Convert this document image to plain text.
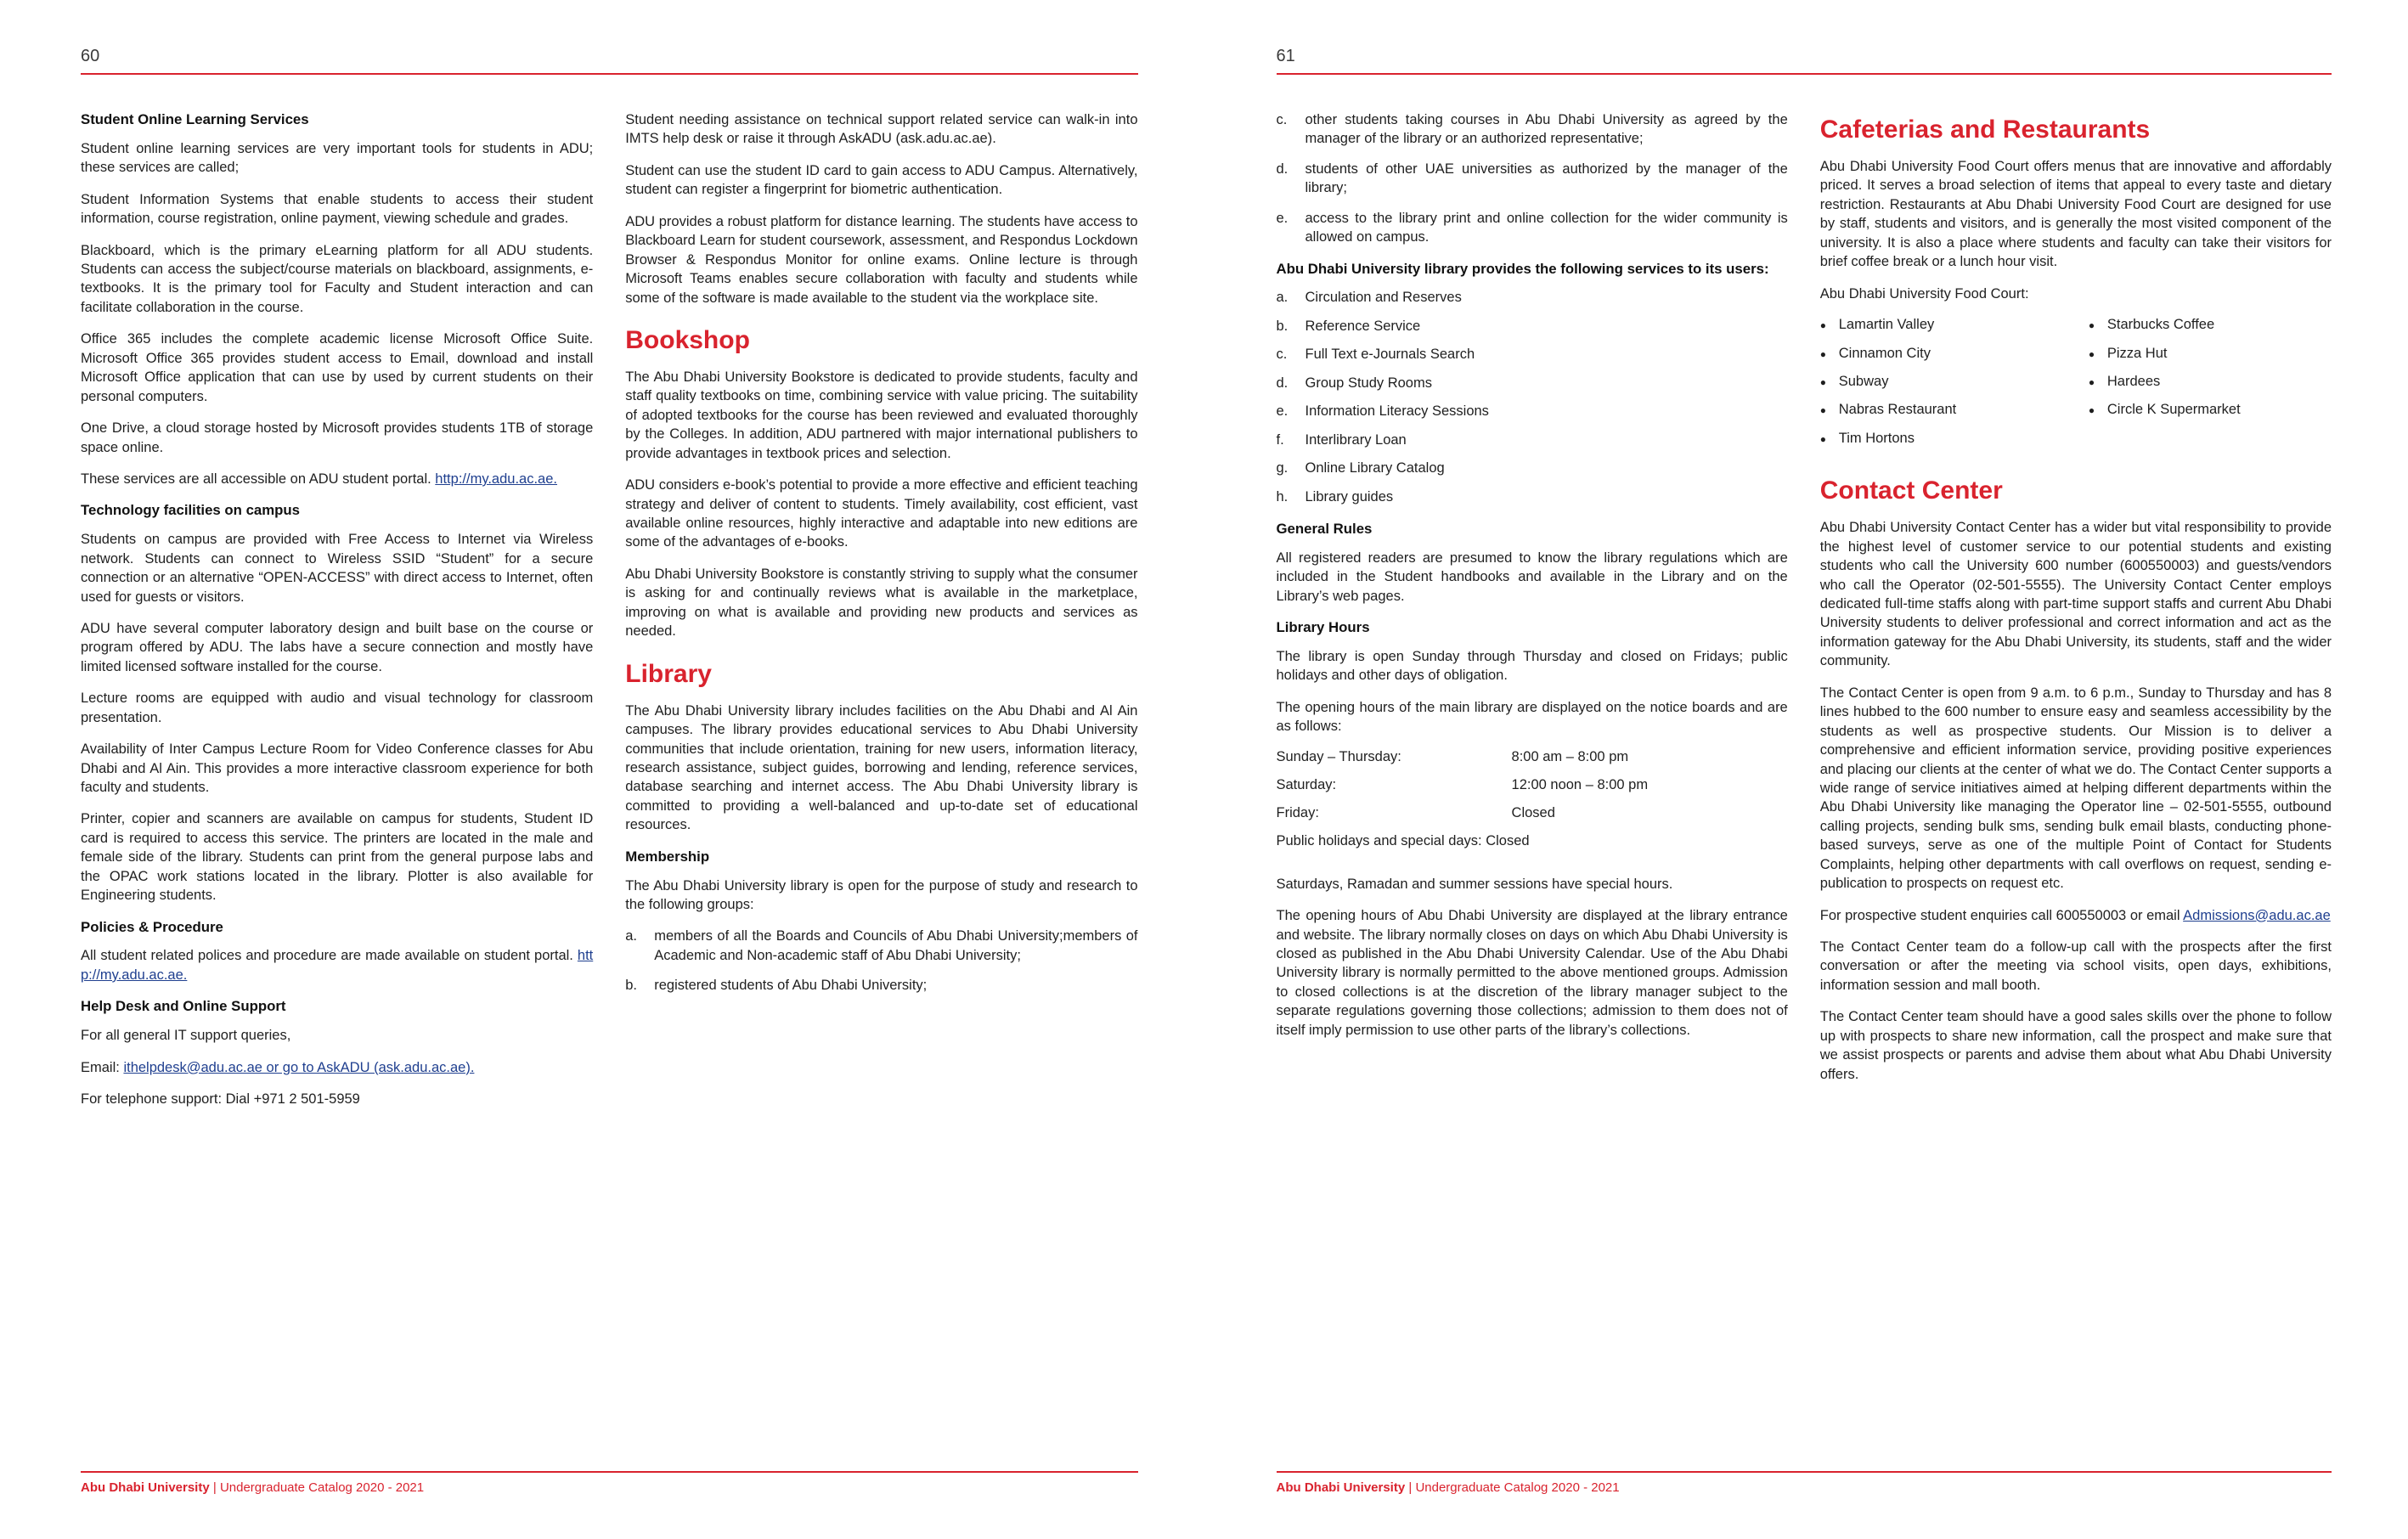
60
Student Online Learning Services

Student online learning services are very important tools for students in ADU; these services are called;

Student Information Systems that enable students to access their student information, course registration, online payment, viewing schedule and grades.

Blackboard, which is the primary eLearning platform for all ADU students. Students can access the subject/course materials on blackboard, assignments, e-textbooks. It is the primary tool for Faculty and Student interaction and can facilitate collaboration in the course.

Office 365 includes the complete academic license Microsoft Office Suite. Microsoft Office 365 provides student access to Email, download and install Microsoft Office application that can use by used by current students on their personal computers.

One Drive, a cloud storage hosted by Microsoft provides students 1TB of storage space online.

These services are all accessible on ADU student portal. http://my.adu.ac.ae.

Technology facilities on campus

Students on campus are provided with Free Access to Internet via Wireless network. Students can connect to Wireless SSID “Student” for a secure connection or an alternative “OPEN-ACCESS” with direct access to Internet, often used for guests or visitors.

ADU have several computer laboratory design and built base on the course or program offered by ADU. The labs have a secure connection and mostly have limited licensed software installed for the course.

Lecture rooms are equipped with audio and visual technology for classroom presentation.

Availability of Inter Campus Lecture Room for Video Conference classes for Abu Dhabi and Al Ain. This provides a more interactive classroom experience for both faculty and students.

Printer, copier and scanners are available on campus for students, Student ID card is required to access this service. The printers are located in the male and female side of the library. Students can print from the general purpose labs and the OPAC work stations located in the library. Plotter is also available for Engineering students.

Policies & Procedure

All student related polices and procedure are made available on student portal. http://my.adu.ac.ae.

Help Desk and Online Support

For all general IT support queries,

Email: ithelpdesk@adu.ac.ae or go to AskADU (ask.adu.ac.ae).

For telephone support: Dial +971 2 501-5959

Student needing assistance on technical support related service can walk-in into IMTS help desk or raise it through AskADU (ask.adu.ac.ae).

Student can use the student ID card to gain access to ADU Campus. Alternatively, student can register a fingerprint for biometric authentication.

ADU provides a robust platform for distance learning. The students have access to Blackboard Learn for student coursework, assessment, and Respondus Lockdown Browser & Respondus Monitor for online exams. Online lecture is through Microsoft Teams enables secure collaboration with faculty and students while some of the software is made available to the student via the workplace site.

Bookshop

The Abu Dhabi University Bookstore is dedicated to provide students, faculty and staff quality textbooks on time, combining service with value pricing. The suitability of adopted textbooks for the course has been reviewed and evaluated thoroughly by the Colleges. In addition, ADU partnered with major international publishers to provide advantages in textbook prices and selection.

ADU considers e-book’s potential to provide a more effective and efficient teaching strategy and deliver of content to students. Timely availability, cost efficient, vast available online resources, highly interactive and adaptable into new editions are some of the advantages of e-books.

Abu Dhabi University Bookstore is constantly striving to supply what the consumer is asking for and continually reviews what is available in the marketplace, improving on what is available and providing new products and services as needed.

Library

The Abu Dhabi University library includes facilities on the Abu Dhabi and Al Ain campuses. The library provides educational services to Abu Dhabi University communities that include orientation, training for new users, information literacy, research assistance, subject guides, borrowing and lending, reference services, database searching and internet access. The Abu Dhabi University library is committed to providing a well-balanced and up-to-date set of educational resources.

Membership

The Abu Dhabi University library is open for the purpose of study and research to the following groups:

a.	members of all the Boards and Councils of Abu Dhabi University;members of Academic and Non-academic staff of Abu Dhabi University;
b.	registered students of Abu Dhabi University;
Abu Dhabi University | Undergraduate Catalog 2020 - 2021
61
c.	other students taking courses in Abu Dhabi University as agreed by the manager of the library or an authorized representative;
d.	students of other UAE universities as authorized by the manager of the library;
e.	access to the library print and online collection for the wider community is allowed on campus.
Abu Dhabi University library provides the following services to its users:
a. Circulation and Reserves
b. Reference Service
c.	Full Text e-Journals Search
d. Group Study Rooms
e. Information Literacy Sessions
f.	Interlibrary Loan
g. Online Library Catalog
h. Library guides
General Rules

All registered readers are presumed to know the library regulations which are included in the Student handbooks and available in the Library and on the Library’s web pages.

Library Hours

The library is open Sunday through Thursday and closed on Fridays; public holidays and other days of obligation.

The opening hours of the main library are displayed on the notice boards and are as follows:

Sunday – Thursday:	8:00 am – 8:00 pm
Saturday:	12:00 noon – 8:00 pm
Friday:	Closed
Public holidays and special days: Closed	

Saturdays, Ramadan and summer sessions have special hours.

The opening hours of Abu Dhabi University are displayed at the library entrance and website. The library normally closes on days on which Abu Dhabi University is closed as published in the Abu Dhabi University Calendar. Use of the Abu Dhabi University library is normally permitted to the above mentioned groups. Admission to closed collections is at the discretion of the library manager subject to the separate regulations governing those collections; admission to them does not of itself imply permission to use other parts of the library’s collections.

Cafeterias and Restaurants

Abu Dhabi University Food Court offers menus that are innovative and affordably priced. It serves a broad selection of items that appeal to every taste and dietary restriction. Restaurants at Abu Dhabi University Food Court are designed for use by staff, students and visitors, and is generally the most visited component of the university. It is also a place where students and faculty can take their visitors for brief coffee break or a lunch hour visit.

Abu Dhabi University Food Court:

● Lamartin Valley
● Cinnamon City
● Subway
● Nabras Restaurant
● Tim Hortons
● Starbucks Coffee
● Pizza Hut
● Hardees
● Circle K Supermarket
Contact Center

Abu Dhabi University Contact Center has a wider but vital responsibility to provide the highest level of customer service to our potential students and existing students who call the University 600 number (600550003) and guests/vendors who call the Operator (02-501-5555). The University Contact Center employs dedicated full-time staffs along with part-time support staffs and current Abu Dhabi University students to deliver professional and correct information and act as the information gateway for the Abu Dhabi University, its students, staff and the wider community.

The Contact Center is open from 9 a.m. to 6 p.m., Sunday to Thursday and has 8 lines hubbed to the 600 number to ensure easy and seamless accessibility by the students as well as prospective students. Our Mission is to deliver a comprehensive and efficient information service, providing positive experiences and placing our clients at the center of what we do. The Contact Center supports a wide range of service initiatives aimed at helping different departments within the Abu Dhabi University like managing the Operator line – 02-501-5555, outbound calling projects, sending bulk sms, sending bulk email blasts, conducting phone-based surveys, serve as one of the multiple Point of Contact for Students Complaints, helping other departments with call overflows on request, sending e-publication to prospects on request etc.

For prospective student enquiries call 600550003 or email Admissions@adu.ac.ae

The Contact Center team do a follow-up call with the prospects after the first conversation or after the meeting via school visits, open days, exhibitions, information session and mall booth.

The Contact Center team should have a good sales skills over the phone to follow up with prospects to share new information, call the prospect and make sure that we assist prospects or parents and advise them about what Abu Dhabi University offers.

Abu Dhabi University | Undergraduate Catalog 2020 - 2021
